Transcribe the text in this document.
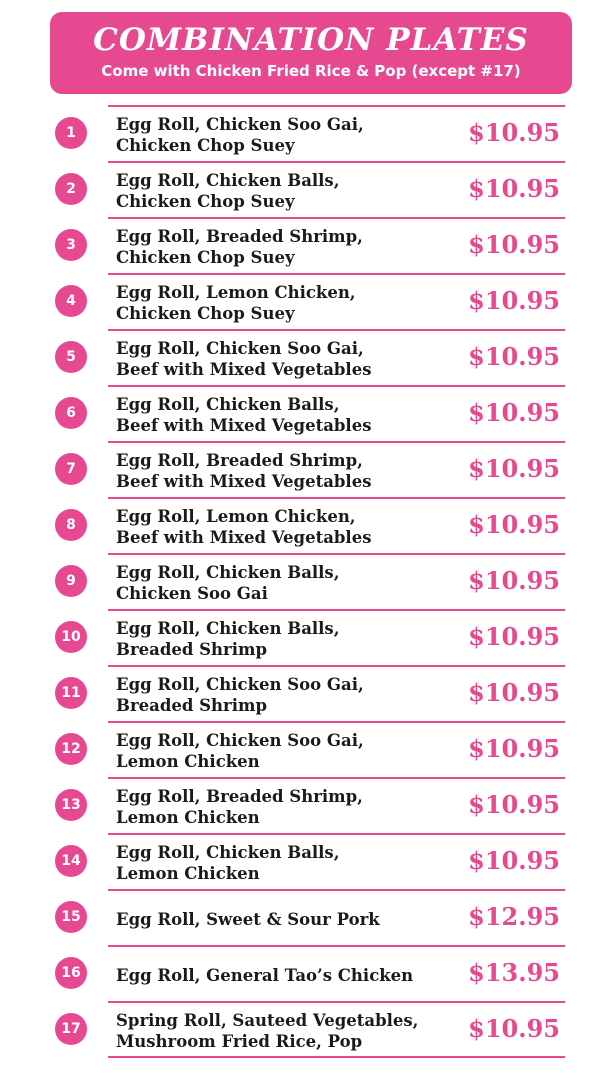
COMBINATION PLATES
Come with Chicken Fried Rice & Pop (except #17)
1	Egg Roll, Chicken Soo Gai,
Chicken Chop Suey	$10.95
2	Egg Roll, Chicken Balls,
Chicken Chop Suey	$10.95
3	Egg Roll, Breaded Shrimp,
Chicken Chop Suey	$10.95
4	Egg Roll, Lemon Chicken,
Chicken Chop Suey	$10.95
5	Egg Roll, Chicken Soo Gai,
Beef with Mixed Vegetables	$10.95
6	Egg Roll, Chicken Balls,
Beef with Mixed Vegetables	$10.95
7	Egg Roll, Breaded Shrimp,
Beef with Mixed Vegetables	$10.95
8	Egg Roll, Lemon Chicken,
Beef with Mixed Vegetables	$10.95
9	Egg Roll, Chicken Balls,
Chicken Soo Gai	$10.95
10	Egg Roll, Chicken Balls,
Breaded Shrimp	$10.95
11	Egg Roll, Chicken Soo Gai,
Breaded Shrimp	$10.95
12	Egg Roll, Chicken Soo Gai,
Lemon Chicken	$10.95
13	Egg Roll, Breaded Shrimp,
Lemon Chicken	$10.95
14	Egg Roll, Chicken Balls,
Lemon Chicken	$10.95
15	Egg Roll, Sweet & Sour Pork	$12.95
16	Egg Roll, General Tao’s Chicken	$13.95
17	Spring Roll, Sauteed Vegetables,
Mushroom Fried Rice, Pop	$10.95
